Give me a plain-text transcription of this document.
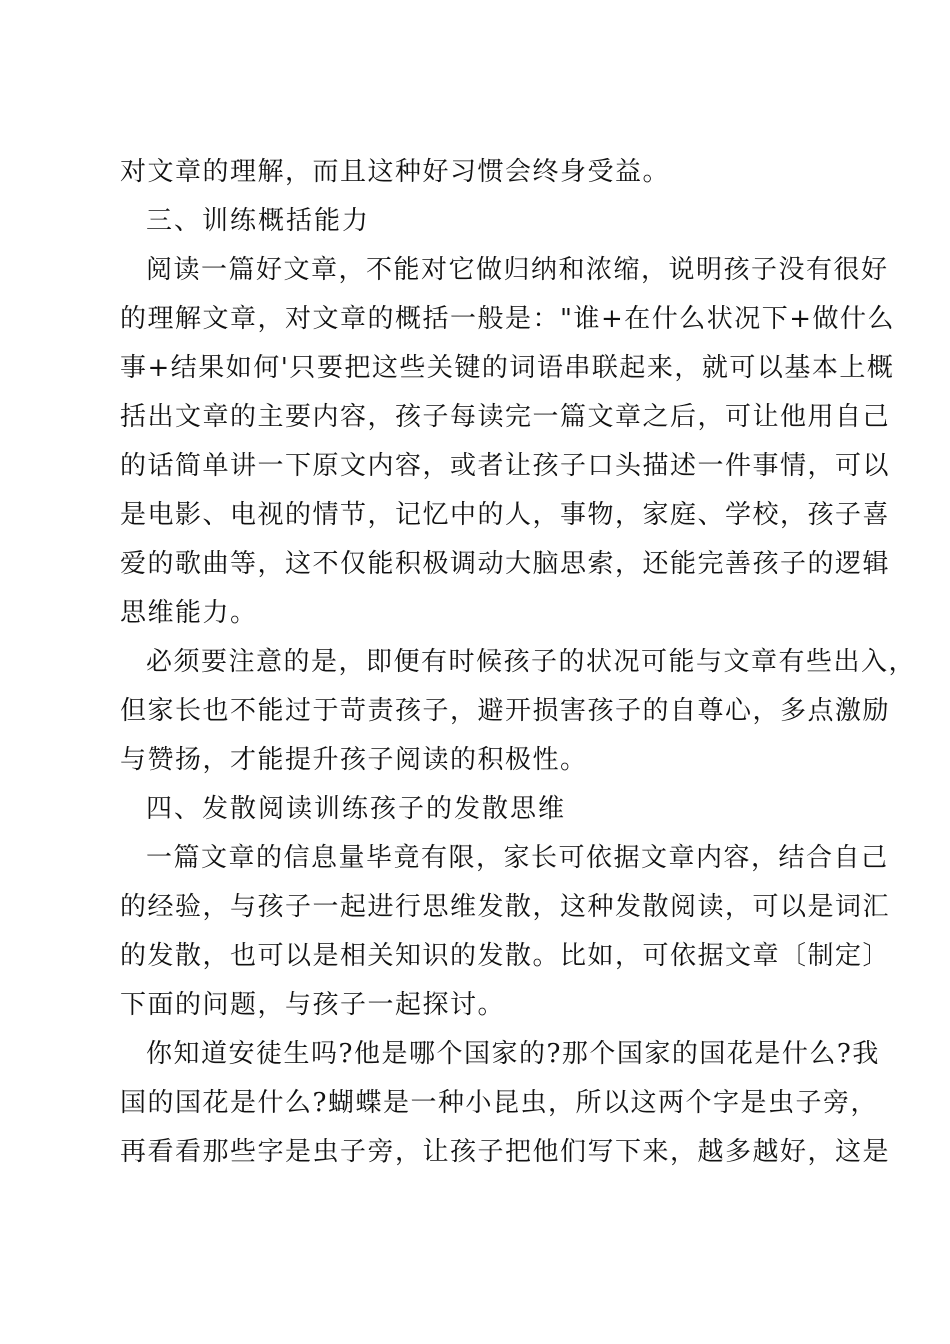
对文章的理解，而且这种好习惯会终身受益。
三、训练概括能力
阅读一篇好文章，不能对它做归纳和浓缩，说明孩子没有很好
的理解文章，对文章的概括一般是："谁+在什么状况下+做什么
事+结果如何'只要把这些关键的词语串联起来，就可以基本上概
括出文章的主要内容，孩子每读完一篇文章之后，可让他用自己
的话简单讲一下原文内容，或者让孩子口头描述一件事情，可以
是电影、电视的情节，记忆中的人，事物，家庭、学校，孩子喜
爱的歌曲等，这不仅能积极调动大脑思索，还能完善孩子的逻辑
思维能力。
必须要注意的是，即便有时候孩子的状况可能与文章有些出入，
但家长也不能过于苛责孩子，避开损害孩子的自尊心，多点激励
与赞扬，才能提升孩子阅读的积极性。
四、发散阅读训练孩子的发散思维
一篇文章的信息量毕竟有限，家长可依据文章内容，结合自己
的经验，与孩子一起进行思维发散，这种发散阅读，可以是词汇
的发散，也可以是相关知识的发散。比如，可依据文章〔制定〕
下面的问题，与孩子一起探讨。
你知道安徒生吗?他是哪个国家的?那个国家的国花是什么?我
国的国花是什么?蝴蝶是一种小昆虫，所以这两个字是虫子旁，
再看看那些字是虫子旁，让孩子把他们写下来，越多越好，这是
